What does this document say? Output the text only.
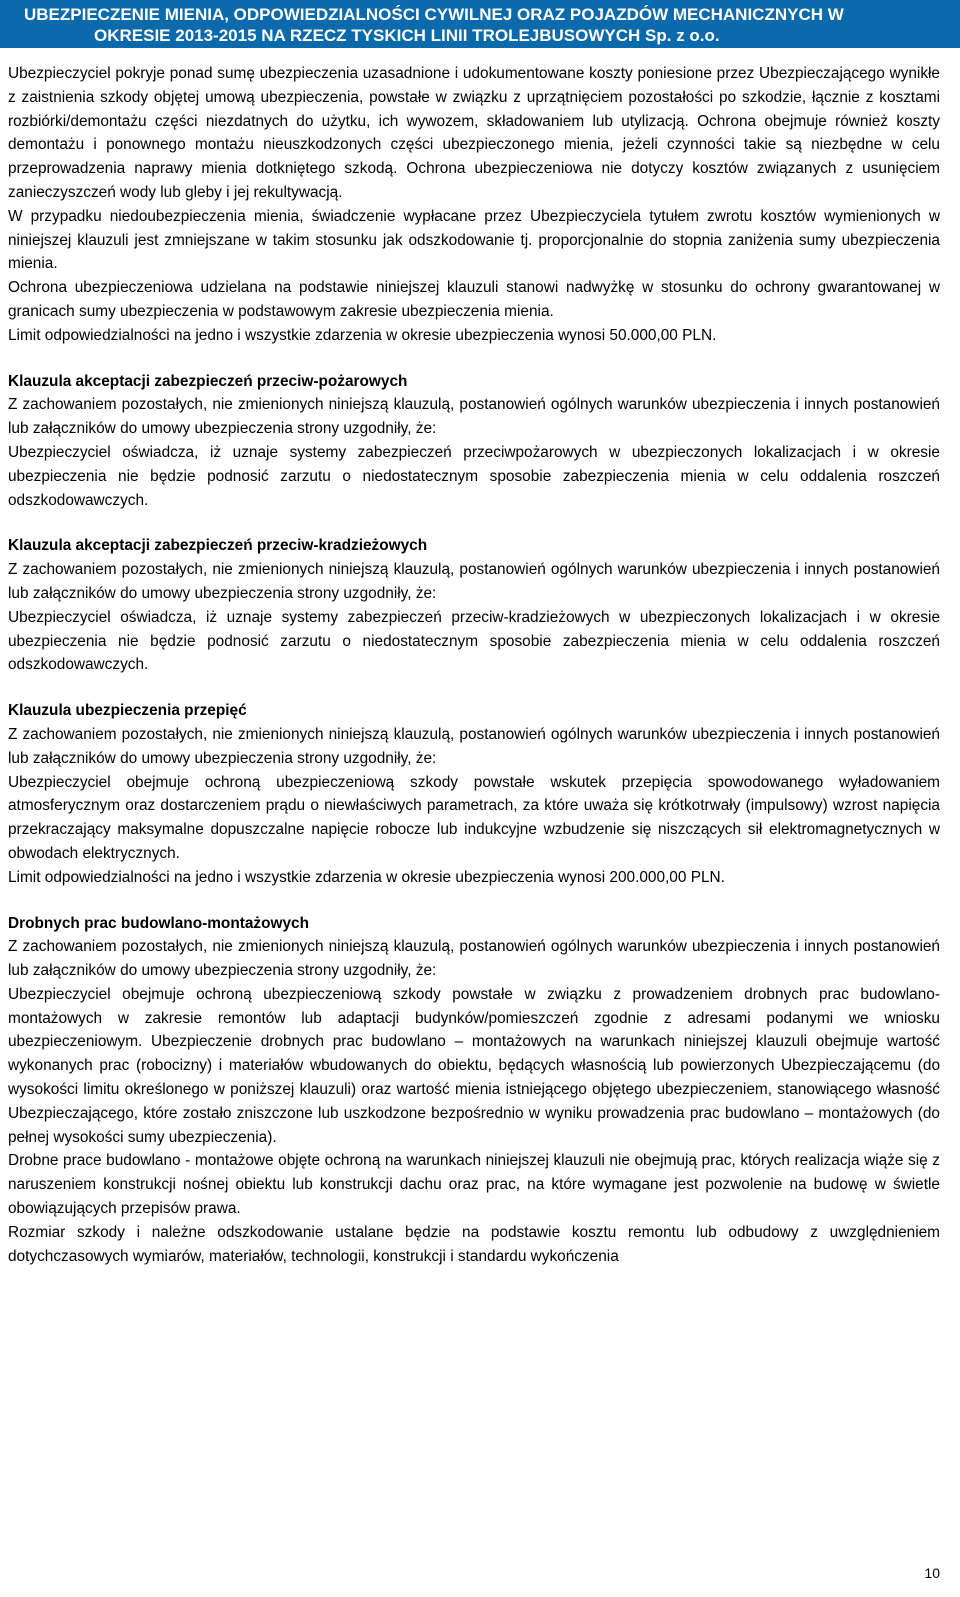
UBEZPIECZENIE MIENIA, ODPOWIEDZIALNOŚCI CYWILNEJ ORAZ POJAZDÓW MECHANICZNYCH W
OKRESIE 2013-2015 NA RZECZ TYSKICH LINII TROLEJBUSOWYCH Sp. z o.o.

Ubezpieczyciel pokryje ponad sumę ubezpieczenia uzasadnione i udokumentowane koszty poniesione przez Ubezpieczającego wynikłe z zaistnienia szkody objętej umową ubezpieczenia, powstałe w związku z uprzątnięciem pozostałości po szkodzie, łącznie z kosztami rozbiórki/demontażu części niezdatnych do użytku, ich wywozem, składowaniem lub utylizacją. Ochrona obejmuje również koszty demontażu i ponownego montażu nieuszkodzonych części ubezpieczonego mienia, jeżeli czynności takie są niezbędne w celu przeprowadzenia naprawy mienia dotkniętego szkodą. Ochrona ubezpieczeniowa nie dotyczy kosztów związanych z usunięciem zanieczyszczeń wody lub gleby i jej rekultywacją.

W przypadku niedoubezpieczenia mienia, świadczenie wypłacane przez Ubezpieczyciela tytułem zwrotu kosztów wymienionych w niniejszej klauzuli jest zmniejszane w takim stosunku jak odszkodowanie tj. proporcjonalnie do stopnia zaniżenia sumy ubezpieczenia mienia.

Ochrona ubezpieczeniowa udzielana na podstawie niniejszej klauzuli stanowi nadwyżkę w stosunku do ochrony gwarantowanej w granicach sumy ubezpieczenia w podstawowym zakresie ubezpieczenia mienia.

Limit odpowiedzialności na jedno i wszystkie zdarzenia w okresie ubezpieczenia wynosi 50.000,00 PLN.

Klauzula akceptacji zabezpieczeń przeciw-pożarowych

Z zachowaniem pozostałych, nie zmienionych niniejszą klauzulą, postanowień ogólnych warunków ubezpieczenia i innych postanowień lub załączników do umowy ubezpieczenia strony uzgodniły, że:

Ubezpieczyciel oświadcza, iż uznaje systemy zabezpieczeń przeciwpożarowych w ubezpieczonych lokalizacjach i w okresie ubezpieczenia nie będzie podnosić zarzutu o niedostatecznym sposobie zabezpieczenia mienia w celu oddalenia roszczeń odszkodowawczych.

Klauzula akceptacji zabezpieczeń przeciw-kradzieżowych

Z zachowaniem pozostałych, nie zmienionych niniejszą klauzulą, postanowień ogólnych warunków ubezpieczenia i innych postanowień lub załączników do umowy ubezpieczenia strony uzgodniły, że:

Ubezpieczyciel oświadcza, iż uznaje systemy zabezpieczeń przeciw-kradzieżowych w ubezpieczonych lokalizacjach i w okresie ubezpieczenia nie będzie podnosić zarzutu o niedostatecznym sposobie zabezpieczenia mienia w celu oddalenia roszczeń odszkodowawczych.

Klauzula ubezpieczenia przepięć

Z zachowaniem pozostałych, nie zmienionych niniejszą klauzulą, postanowień ogólnych warunków ubezpieczenia i innych postanowień lub załączników do umowy ubezpieczenia strony uzgodniły, że:

Ubezpieczyciel obejmuje ochroną ubezpieczeniową szkody powstałe wskutek przepięcia spowodowanego wyładowaniem atmosferycznym oraz dostarczeniem prądu o niewłaściwych parametrach, za które uważa się krótkotrwały (impulsowy) wzrost napięcia przekraczający maksymalne dopuszczalne napięcie robocze lub indukcyjne wzbudzenie się niszczących sił elektromagnetycznych w obwodach elektrycznych.

Limit odpowiedzialności na jedno i wszystkie zdarzenia w okresie ubezpieczenia wynosi 200.000,00 PLN.

Drobnych prac budowlano-montażowych

Z zachowaniem pozostałych, nie zmienionych niniejszą klauzulą, postanowień ogólnych warunków ubezpieczenia i innych postanowień lub załączników do umowy ubezpieczenia strony uzgodniły, że:

Ubezpieczyciel obejmuje ochroną ubezpieczeniową szkody powstałe w związku z prowadzeniem drobnych prac budowlano-montażowych w zakresie remontów lub adaptacji budynków/pomieszczeń zgodnie z adresami podanymi we wniosku ubezpieczeniowym. Ubezpieczenie drobnych prac budowlano – montażowych na warunkach niniejszej klauzuli obejmuje wartość wykonanych prac (robocizny) i materiałów wbudowanych do obiektu, będących własnością lub powierzonych Ubezpieczającemu (do wysokości limitu określonego w poniższej klauzuli) oraz wartość mienia istniejącego objętego ubezpieczeniem, stanowiącego własność Ubezpieczającego, które zostało zniszczone lub uszkodzone bezpośrednio w wyniku prowadzenia prac budowlano – montażowych (do pełnej wysokości sumy ubezpieczenia).

Drobne prace budowlano - montażowe objęte ochroną na warunkach niniejszej klauzuli nie obejmują prac, których realizacja wiąże się z naruszeniem konstrukcji nośnej obiektu lub konstrukcji dachu oraz prac, na które wymagane jest pozwolenie na budowę w świetle obowiązujących przepisów prawa.

Rozmiar szkody i należne odszkodowanie ustalane będzie na podstawie kosztu remontu lub odbudowy z uwzględnieniem dotychczasowych wymiarów, materiałów, technologii, konstrukcji i standardu wykończenia

10
